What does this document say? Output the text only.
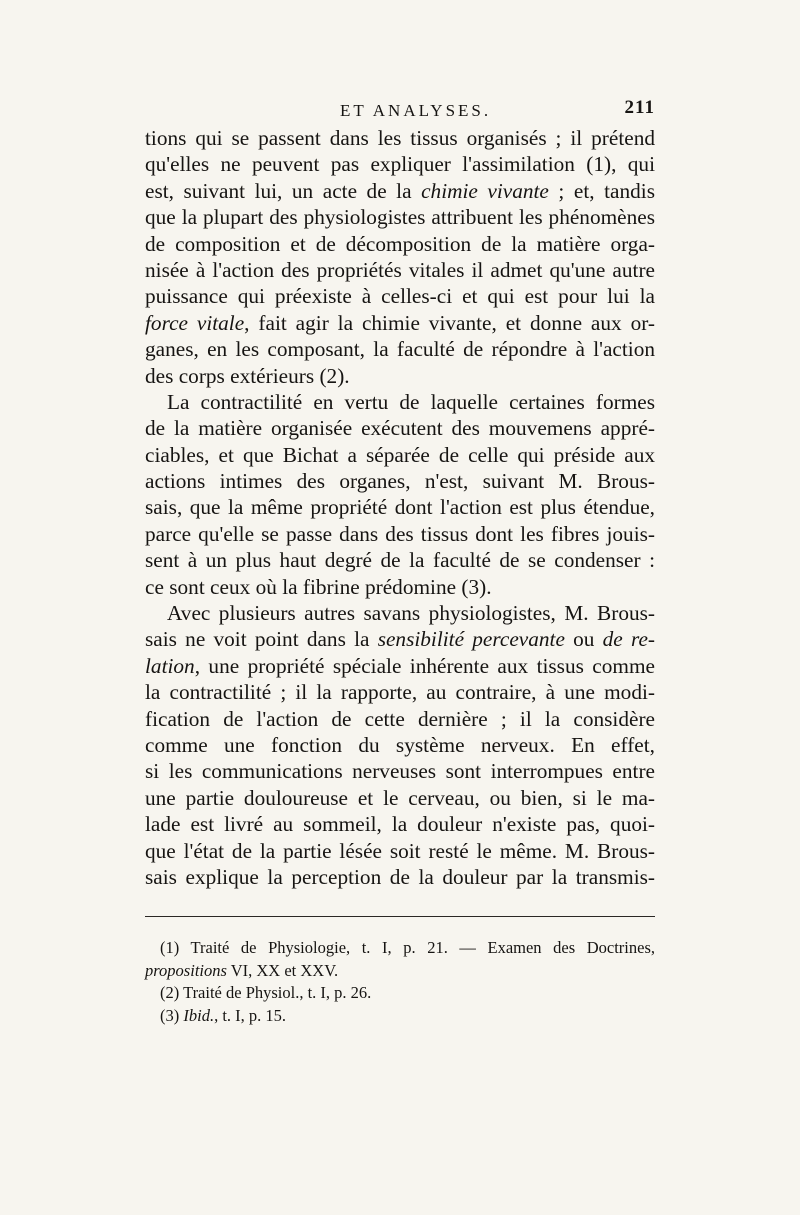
ET ANALYSES.	211
tions qui se passent dans les tissus organisés ; il prétend
qu'elles ne peuvent pas expliquer l'assimilation (1), qui
est, suivant lui, un acte de la chimie vivante ; et, tandis
que la plupart des physiologistes attribuent les phénomènes
de composition et de décomposition de la matière orga-
nisée à l'action des propriétés vitales il admet qu'une autre
puissance qui préexiste à celles-ci et qui est pour lui la
force vitale, fait agir la chimie vivante, et donne aux or-
ganes, en les composant, la faculté de répondre à l'action
des corps extérieurs (2).
La contractilité en vertu de laquelle certaines formes
de la matière organisée exécutent des mouvemens appré-
ciables, et que Bichat a séparée de celle qui préside aux
actions intimes des organes, n'est, suivant M. Brous-
sais, que la même propriété dont l'action est plus étendue,
parce qu'elle se passe dans des tissus dont les fibres jouis-
sent à un plus haut degré de la faculté de se condenser :
ce sont ceux où la fibrine prédomine (3).
Avec plusieurs autres savans physiologistes, M. Brous-
sais ne voit point dans la sensibilité percevante ou de re-
lation, une propriété spéciale inhérente aux tissus comme
la contractilité ; il la rapporte, au contraire, à une modi-
fication de l'action de cette dernière ; il la considère
comme une fonction du système nerveux. En effet,
si les communications nerveuses sont interrompues entre
une partie douloureuse et le cerveau, ou bien, si le ma-
lade est livré au sommeil, la douleur n'existe pas, quoi-
que l'état de la partie lésée soit resté le même. M. Brous-
sais explique la perception de la douleur par la transmis-
(1) Traité de Physiologie, t. I, p. 21. — Examen des Doctrines,
propositions VI, XX et XXV.
(2) Traité de Physiol., t. I, p. 26.
(3) Ibid., t. I, p. 15.
